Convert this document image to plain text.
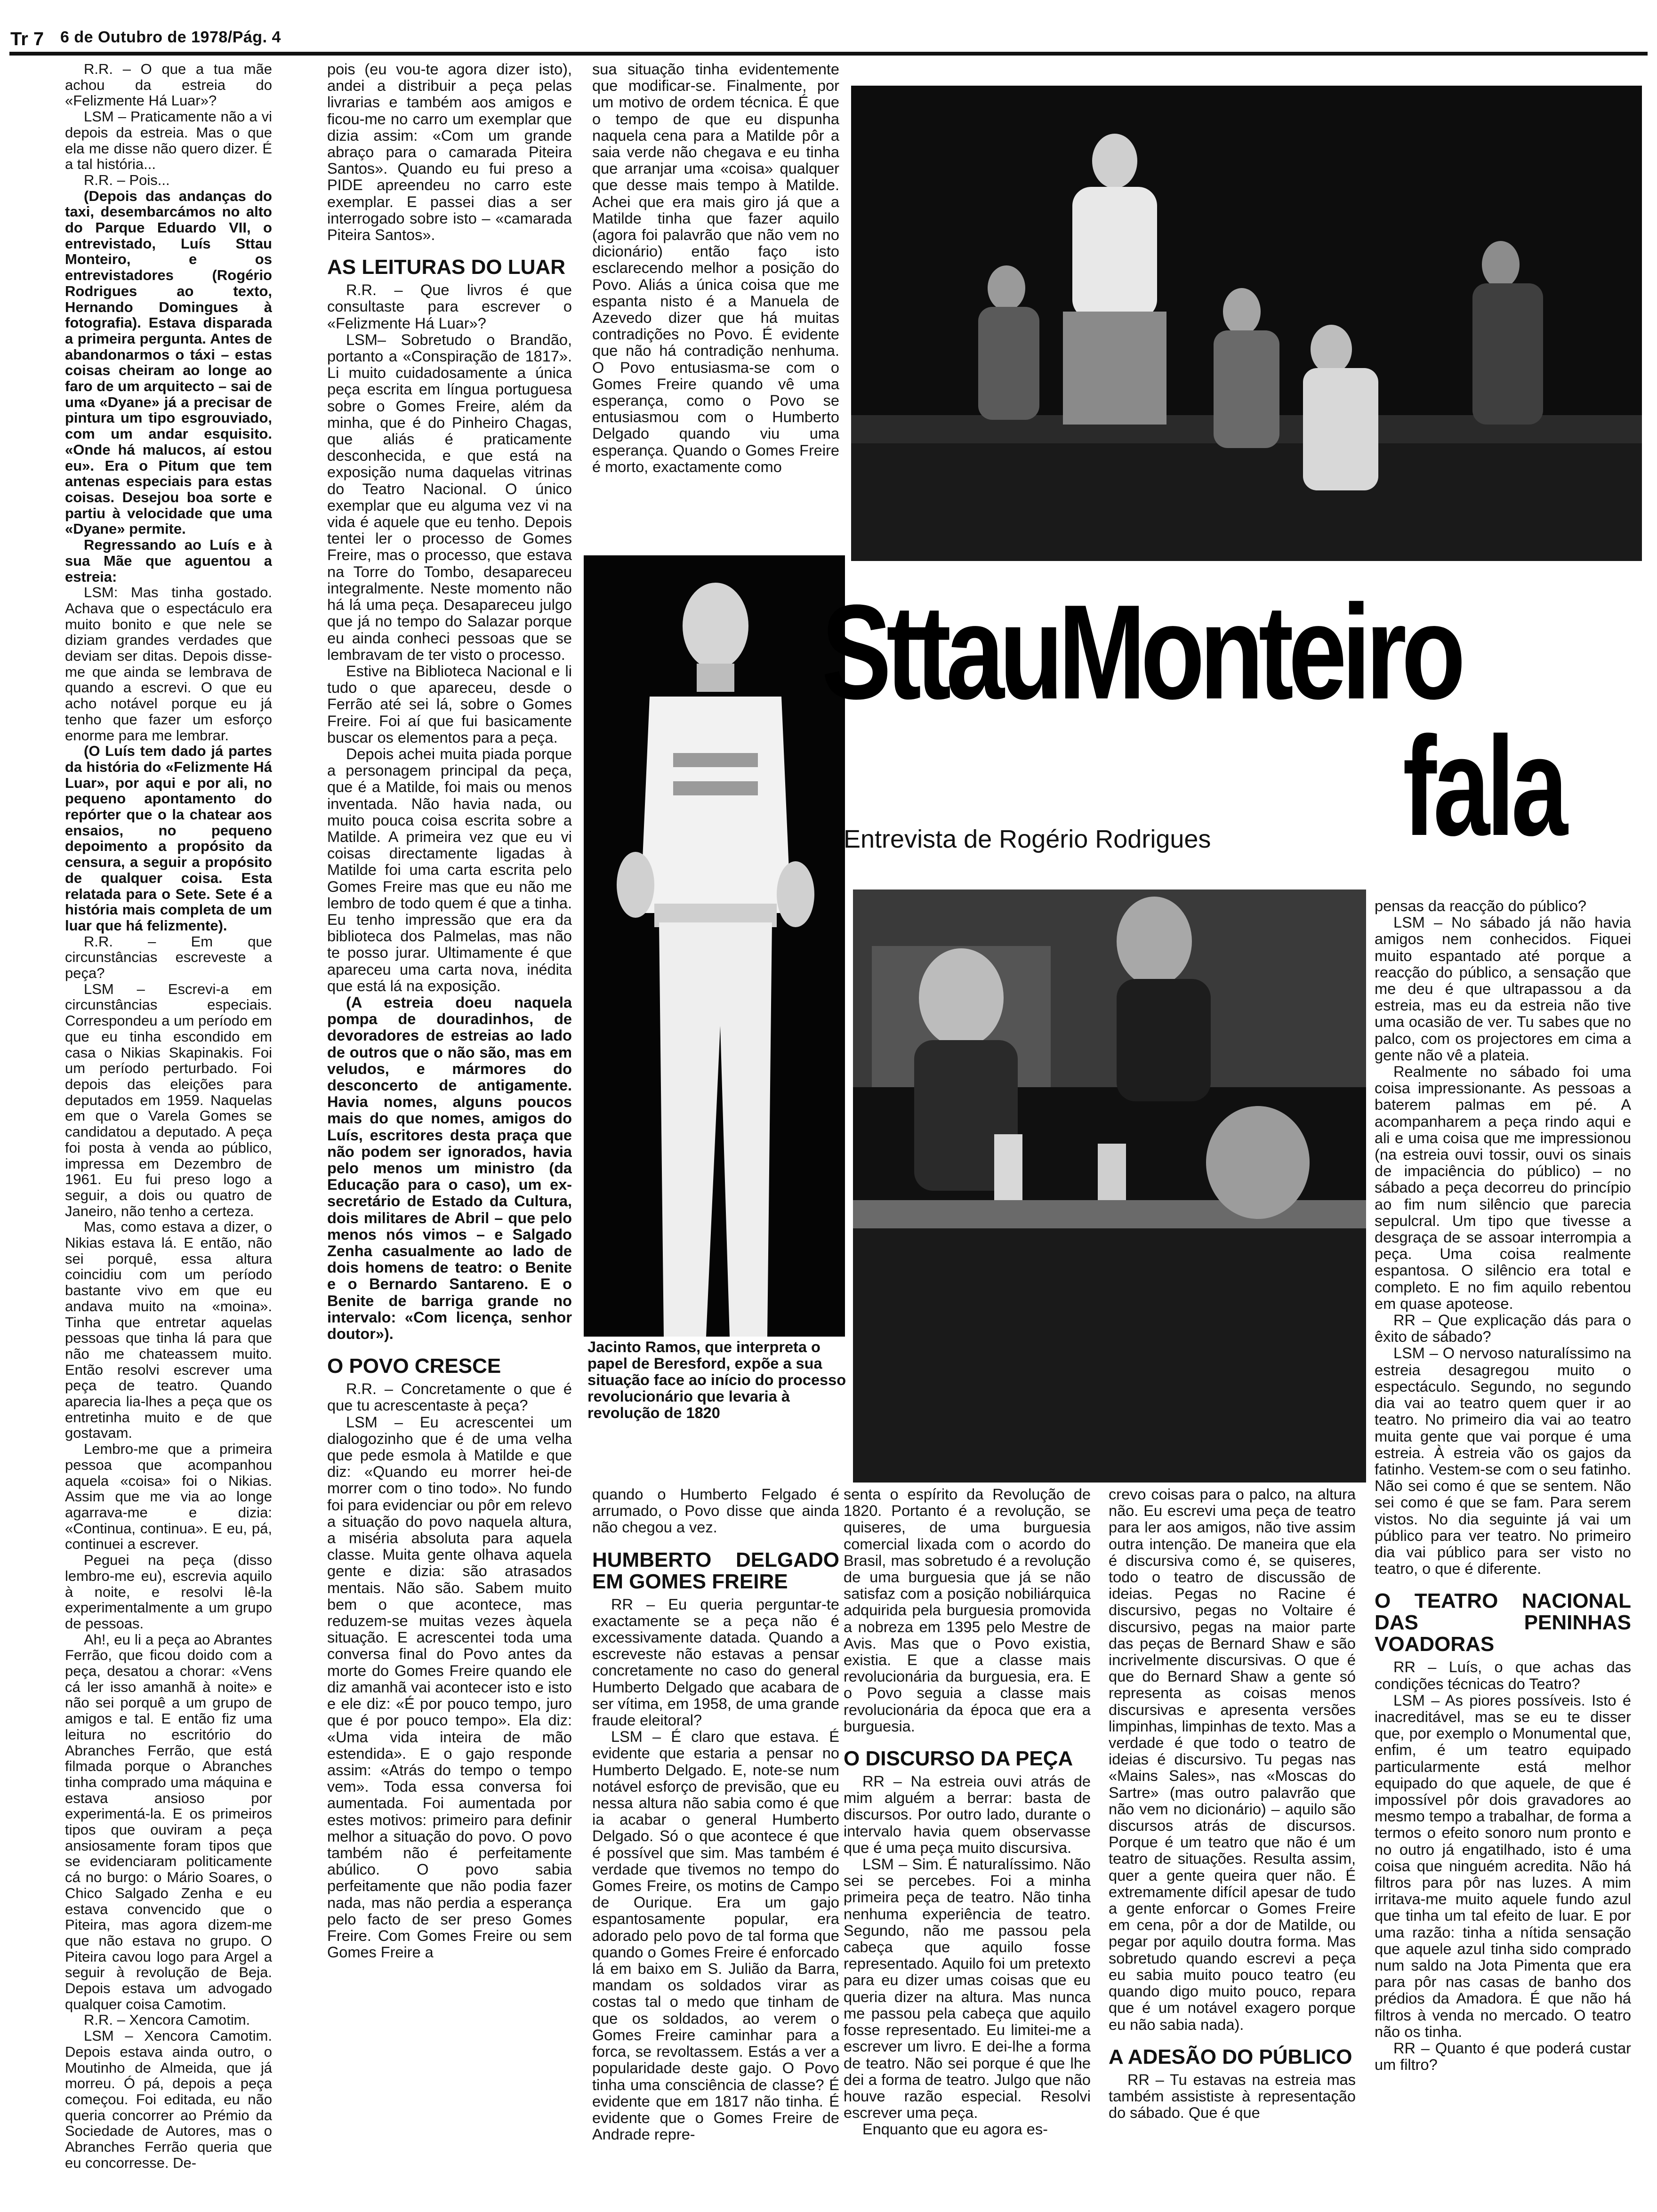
Tr 7 6 de Outubro de 1978/Pág. 4

R.R. – O que a tua mãe achou da estreia do «Felizmente Há Luar»?

LSM – Praticamente não a vi depois da estreia. Mas o que ela me disse não quero dizer. É a tal história...

R.R. – Pois...

(Depois das andanças do taxi, desembarcámos no alto do Parque Eduardo VII, o entrevistado, Luís Sttau Monteiro, e os entrevistadores (Rogério Rodrigues ao texto, Hernando Domingues à fotografia). Estava disparada a primeira pergunta. Antes de abandonarmos o táxi – estas coisas cheiram ao longe ao faro de um arquitecto – sai de uma «Dyane» já a precisar de pintura um tipo esgrouviado, com um andar esquisito. «Onde há malucos, aí estou eu». Era o Pitum que tem antenas especiais para estas coisas. Desejou boa sorte e partiu à velocidade que uma «Dyane» permite.

Regressando ao Luís e à sua Mãe que aguentou a estreia:

LSM: Mas tinha gostado. Achava que o espectáculo era muito bonito e que nele se diziam grandes verdades que deviam ser ditas. Depois disse-me que ainda se lembrava de quando a escrevi. O que eu acho notável porque eu já tenho que fazer um esforço enorme para me lembrar.

(O Luís tem dado já partes da história do «Felizmente Há Luar», por aqui e por ali, no pequeno apontamento do repórter que o la chatear aos ensaios, no pequeno depoimento a propósito da censura, a seguir a propósito de qualquer coisa. Esta relatada para o Sete. Sete é a história mais completa de um luar que há felizmente).

R.R. – Em que circunstâncias escreveste a peça?

LSM – Escrevi-a em circunstâncias especiais. Correspondeu a um período em que eu tinha escondido em casa o Nikias Skapinakis. Foi um período perturbado. Foi depois das eleições para deputados em 1959. Naquelas em que o Varela Gomes se candidatou a deputado. A peça foi posta à venda ao público, impressa em Dezembro de 1961. Eu fui preso logo a seguir, a dois ou quatro de Janeiro, não tenho a certeza.

Mas, como estava a dizer, o Nikias estava lá. E então, não sei porquê, essa altura coincidiu com um período bastante vivo em que eu andava muito na «moina». Tinha que entretar aquelas pessoas que tinha lá para que não me chateassem muito. Então resolvi escrever uma peça de teatro. Quando aparecia lia-lhes a peça que os entretinha muito e de que gostavam.

Lembro-me que a primeira pessoa que acompanhou aquela «coisa» foi o Nikias. Assim que me via ao longe agarrava-me e dizia: «Continua, continua». E eu, pá, continuei a escrever.

Peguei na peça (disso lembro-me eu), escrevia aquilo à noite, e resolvi lê-la experimentalmente a um grupo de pessoas.

Ah!, eu li a peça ao Abrantes Ferrão, que ficou doido com a peça, desatou a chorar: «Vens cá ler isso amanhã à noite» e não sei porquê a um grupo de amigos e tal. E então fiz uma leitura no escritório do Abranches Ferrão, que está filmada porque o Abranches tinha comprado uma máquina e estava ansioso por experimentá-la. E os primeiros tipos que ouviram a peça ansiosamente foram tipos que se evidenciaram politicamente cá no burgo: o Mário Soares, o Chico Salgado Zenha e eu estava convencido que o Piteira, mas agora dizem-me que não estava no grupo. O Piteira cavou logo para Argel a seguir à revolução de Beja. Depois estava um advogado qualquer coisa Camotim.

R.R. – Xencora Camotim.

LSM – Xencora Camotim. Depois estava ainda outro, o Moutinho de Almeida, que já morreu. Ó pá, depois a peça começou. Foi editada, eu não queria concorrer ao Prémio da Sociedade de Autores, mas o Abranches Ferrão queria que eu concorresse. De-

pois (eu vou-te agora dizer isto), andei a distribuir a peça pelas livrarias e também aos amigos e ficou-me no carro um exemplar que dizia assim: «Com um grande abraço para o camarada Piteira Santos». Quando eu fui preso a PIDE apreendeu no carro este exemplar. E passei dias a ser interrogado sobre isto – «camarada Piteira Santos».

AS LEITURAS DO LUAR

R.R. – Que livros é que consultaste para escrever o «Felizmente Há Luar»?

LSM– Sobretudo o Brandão, portanto a «Conspiração de 1817». Li muito cuidadosamente a única peça escrita em língua portuguesa sobre o Gomes Freire, além da minha, que é do Pinheiro Chagas, que aliás é praticamente desconhecida, e que está na exposição numa daquelas vitrinas do Teatro Nacional. O único exemplar que eu alguma vez vi na vida é aquele que eu tenho. Depois tentei ler o processo de Gomes Freire, mas o processo, que estava na Torre do Tombo, desapareceu integralmente. Neste momento não há lá uma peça. Desapareceu julgo que já no tempo do Salazar porque eu ainda conheci pessoas que se lembravam de ter visto o processo.

Estive na Biblioteca Nacional e li tudo o que apareceu, desde o Ferrão até sei lá, sobre o Gomes Freire. Foi aí que fui basicamente buscar os elementos para a peça.

Depois achei muita piada porque a personagem principal da peça, que é a Matilde, foi mais ou menos inventada. Não havia nada, ou muito pouca coisa escrita sobre a Matilde. A primeira vez que eu vi coisas directamente ligadas à Matilde foi uma carta escrita pelo Gomes Freire mas que eu não me lembro de todo quem é que a tinha. Eu tenho impressão que era da biblioteca dos Palmelas, mas não te posso jurar. Ultimamente é que apareceu uma carta nova, inédita que está lá na exposição.

(A estreia doeu naquela pompa de douradinhos, de devoradores de estreias ao lado de outros que o não são, mas em veludos, e mármores do desconcerto de antigamente. Havia nomes, alguns poucos mais do que nomes, amigos do Luís, escritores desta praça que não podem ser ignorados, havia pelo menos um ministro (da Educação para o caso), um ex-secretário de Estado da Cultura, dois militares de Abril – que pelo menos nós vimos – e Salgado Zenha casualmente ao lado de dois homens de teatro: o Benite e o Bernardo Santareno. E o Benite de barriga grande no intervalo: «Com licença, senhor doutor»).

O POVO CRESCE

R.R. – Concretamente o que é que tu acrescentaste à peça?

LSM – Eu acrescentei um dialogozinho que é de uma velha que pede esmola à Matilde e que diz: «Quando eu morrer hei-de morrer com o tino todo». No fundo foi para evidenciar ou pôr em relevo a situação do povo naquela altura, a miséria absoluta para aquela classe. Muita gente olhava aquela gente e dizia: são atrasados mentais. Não são. Sabem muito bem o que acontece, mas reduzem-se muitas vezes àquela situação. E acrescentei toda uma conversa final do Povo antes da morte do Gomes Freire quando ele diz amanhã vai acontecer isto e isto e ele diz: «É por pouco tempo, juro que é por pouco tempo». Ela diz: «Uma vida inteira de mão estendida». E o gajo responde assim: «Atrás do tempo o tempo vem». Toda essa conversa foi aumentada. Foi aumentada por estes motivos: primeiro para definir melhor a situação do povo. O povo também não é perfeitamente abúlico. O povo sabia perfeitamente que não podia fazer nada, mas não perdia a esperança pelo facto de ser preso Gomes Freire. Com Gomes Freire ou sem Gomes Freire a

sua situação tinha evidentemente que modificar-se. Finalmente, por um motivo de ordem técnica. É que o tempo de que eu dispunha naquela cena para a Matilde pôr a saia verde não chegava e eu tinha que arranjar uma «coisa» qualquer que desse mais tempo à Matilde. Achei que era mais giro já que a Matilde tinha que fazer aquilo (agora foi palavrão que não vem no dicionário) então faço isto esclarecendo melhor a posição do Povo. Aliás a única coisa que me espanta nisto é a Manuela de Azevedo dizer que há muitas contradições no Povo. É evidente que não há contradição nenhuma. O Povo entusiasma-se com o Gomes Freire quando vê uma esperança, como o Povo se entusiasmou com o Humberto Delgado quando viu uma esperança. Quando o Gomes Freire é morto, exactamente como

quando o Humberto Felgado é arrumado, o Povo disse que ainda não chegou a vez.

HUMBERTO DELGADO EM GOMES FREIRE

RR – Eu queria perguntar-te exactamente se a peça não é excessivamente datada. Quando a escreveste não estavas a pensar concretamente no caso do general Humberto Delgado que acabara de ser vítima, em 1958, de uma grande fraude eleitoral?

LSM – É claro que estava. É evidente que estaria a pensar no Humberto Delgado. E, note-se num notável esforço de previsão, que eu nessa altura não sabia como é que ia acabar o general Humberto Delgado. Só o que acontece é que é possível que sim. Mas também é verdade que tivemos no tempo do Gomes Freire, os motins de Campo de Ourique. Era um gajo espantosamente popular, era adorado pelo povo de tal forma que quando o Gomes Freire é enforcado lá em baixo em S. Julião da Barra, mandam os soldados virar as costas tal o medo que tinham de que os soldados, ao verem o Gomes Freire caminhar para a forca, se revoltassem. Estás a ver a popularidade deste gajo. O Povo tinha uma consciência de classe? É evidente que em 1817 não tinha. É evidente que o Gomes Freire de Andrade repre-

senta o espírito da Revolução de 1820. Portanto é a revolução, se quiseres, de uma burguesia comercial lixada com o acordo do Brasil, mas sobretudo é a revolução de uma burguesia que já se não satisfaz com a posição nobiliárquica adquirida pela burguesia promovida a nobreza em 1395 pelo Mestre de Avis. Mas que o Povo existia, existia. E que a classe mais revolucionária da burguesia, era. E o Povo seguia a classe mais revolucionária da época que era a burguesia.

O DISCURSO DA PEÇA

RR – Na estreia ouvi atrás de mim alguém a berrar: basta de discursos. Por outro lado, durante o intervalo havia quem observasse que é uma peça muito discursiva.

LSM – Sim. É naturalíssimo. Não sei se percebes. Foi a minha primeira peça de teatro. Não tinha nenhuma experiência de teatro. Segundo, não me passou pela cabeça que aquilo fosse representado. Aquilo foi um pretexto para eu dizer umas coisas que eu queria dizer na altura. Mas nunca me passou pela cabeça que aquilo fosse representado. Eu limitei-me a escrever um livro. E dei-lhe a forma de teatro. Não sei porque é que lhe dei a forma de teatro. Julgo que não houve razão especial. Resolvi escrever uma peça.

Enquanto que eu agora es-

crevo coisas para o palco, na altura não. Eu escrevi uma peça de teatro para ler aos amigos, não tive assim outra intenção. De maneira que ela é discursiva como é, se quiseres, todo o teatro de discussão de ideias. Pegas no Racine é discursivo, pegas no Voltaire é discursivo, pegas na maior parte das peças de Bernard Shaw e são incrivelmente discursivas. O que é que do Bernard Shaw a gente só representa as coisas menos discursivas e apresenta versões limpinhas, limpinhas de texto. Mas a verdade é que todo o teatro de ideias é discursivo. Tu pegas nas «Mains Sales», nas «Moscas do Sartre» (mas outro palavrão que não vem no dicionário) – aquilo são discursos atrás de discursos. Porque é um teatro que não é um teatro de situações. Resulta assim, quer a gente queira quer não. É extremamente difícil apesar de tudo a gente enforcar o Gomes Freire em cena, pôr a dor de Matilde, ou pegar por aquilo doutra forma. Mas sobretudo quando escrevi a peça eu sabia muito pouco teatro (eu quando digo muito pouco, repara que é um notável exagero porque eu não sabia nada).

A ADESÃO DO PÚBLICO

RR – Tu estavas na estreia mas também assististe à representação do sábado. Que é que

pensas da reacção do público?

LSM – No sábado já não havia amigos nem conhecidos. Fiquei muito espantado até porque a reacção do público, a sensação que me deu é que ultrapassou a da estreia, mas eu da estreia não tive uma ocasião de ver. Tu sabes que no palco, com os projectores em cima a gente não vê a plateia.

Realmente no sábado foi uma coisa impressionante. As pessoas a baterem palmas em pé. A acompanharem a peça rindo aqui e ali e uma coisa que me impressionou (na estreia ouvi tossir, ouvi os sinais de impaciência do público) – no sábado a peça decorreu do princípio ao fim num silêncio que parecia sepulcral. Um tipo que tivesse a desgraça de se assoar interrompia a peça. Uma coisa realmente espantosa. O silêncio era total e completo. E no fim aquilo rebentou em quase apoteose.

RR – Que explicação dás para o êxito de sábado?

LSM – O nervoso naturalíssimo na estreia desagregou muito o espectáculo. Segundo, no segundo dia vai ao teatro quem quer ir ao teatro. No primeiro dia vai ao teatro muita gente que vai porque é uma estreia. À estreia vão os gajos da fatinho. Vestem-se com o seu fatinho. Não sei como é que se sentem. Não sei como é que se fam. Para serem vistos. No dia seguinte já vai um público para ver teatro. No primeiro dia vai público para ser visto no teatro, o que é diferente.

O TEATRO NACIONAL DAS PENINHAS VOADORAS

RR – Luís, o que achas das condições técnicas do Teatro?

LSM – As piores possíveis. Isto é inacreditável, mas se eu te disser que, por exemplo o Monumental que, enfim, é um teatro equipado particularmente está melhor equipado do que aquele, de que é impossível pôr dois gravadores ao mesmo tempo a trabalhar, de forma a termos o efeito sonoro num pronto e no outro já engatilhado, isto é uma coisa que ninguém acredita. Não há filtros para pôr nas luzes. A mim irritava-me muito aquele fundo azul que tinha um tal efeito de luar. E por uma razão: tinha a nítida sensação que aquele azul tinha sido comprado num saldo na Jota Pimenta que era para pôr nas casas de banho dos prédios da Amadora. É que não há filtros à venda no mercado. O teatro não os tinha.

RR – Quanto é que poderá custar um filtro?

SttauMonteiro
fala
Entrevista de Rogério Rodrigues
Jacinto Ramos, que interpreta o papel de Beresford, expõe a sua situação face ao início do processo revolucionário que levaria à revolução de 1820
